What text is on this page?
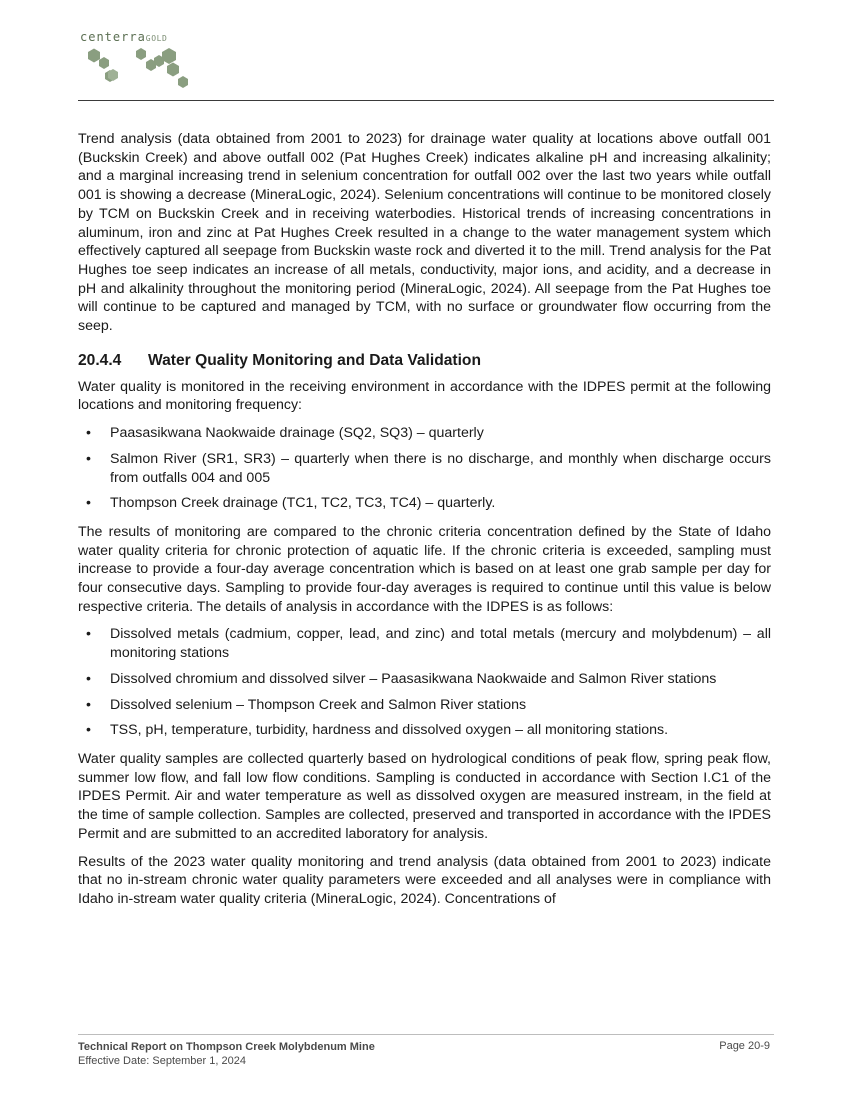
centerraGOLD

Trend analysis (data obtained from 2001 to 2023) for drainage water quality at locations above outfall 001 (Buckskin Creek) and above outfall 002 (Pat Hughes Creek) indicates alkaline pH and increasing alkalinity; and a marginal increasing trend in selenium concentration for outfall 002 over the last two years while outfall 001 is showing a decrease (MineraLogic, 2024). Selenium concentrations will continue to be monitored closely by TCM on Buckskin Creek and in receiving waterbodies. Historical trends of increasing concentrations in aluminum, iron and zinc at Pat Hughes Creek resulted in a change to the water management system which effectively captured all seepage from Buckskin waste rock and diverted it to the mill. Trend analysis for the Pat Hughes toe seep indicates an increase of all metals, conductivity, major ions, and acidity, and a decrease in pH and alkalinity throughout the monitoring period (MineraLogic, 2024). All seepage from the Pat Hughes toe will continue to be captured and managed by TCM, with no surface or groundwater flow occurring from the seep.

20.4.4 Water Quality Monitoring and Data Validation

Water quality is monitored in the receiving environment in accordance with the IDPES permit at the following locations and monitoring frequency:

• Paasasikwana Naokwaide drainage (SQ2, SQ3) – quarterly
• Salmon River (SR1, SR3) – quarterly when there is no discharge, and monthly when discharge occurs from outfalls 004 and 005
• Thompson Creek drainage (TC1, TC2, TC3, TC4) – quarterly.

The results of monitoring are compared to the chronic criteria concentration defined by the State of Idaho water quality criteria for chronic protection of aquatic life. If the chronic criteria is exceeded, sampling must increase to provide a four-day average concentration which is based on at least one grab sample per day for four consecutive days. Sampling to provide four-day averages is required to continue until this value is below respective criteria. The details of analysis in accordance with the IDPES is as follows:

• Dissolved metals (cadmium, copper, lead, and zinc) and total metals (mercury and molybdenum) – all monitoring stations
• Dissolved chromium and dissolved silver – Paasasikwana Naokwaide and Salmon River stations
• Dissolved selenium – Thompson Creek and Salmon River stations
• TSS, pH, temperature, turbidity, hardness and dissolved oxygen – all monitoring stations.

Water quality samples are collected quarterly based on hydrological conditions of peak flow, spring peak flow, summer low flow, and fall low flow conditions. Sampling is conducted in accordance with Section I.C1 of the IPDES Permit. Air and water temperature as well as dissolved oxygen are measured instream, in the field at the time of sample collection. Samples are collected, preserved and transported in accordance with the IPDES Permit and are submitted to an accredited laboratory for analysis.

Results of the 2023 water quality monitoring and trend analysis (data obtained from 2001 to 2023) indicate that no in-stream chronic water quality parameters were exceeded and all analyses were in compliance with Idaho in-stream water quality criteria (MineraLogic, 2024). Concentrations of

Technical Report on Thompson Creek Molybdenum Mine
Effective Date: September 1, 2024
Page 20-9
